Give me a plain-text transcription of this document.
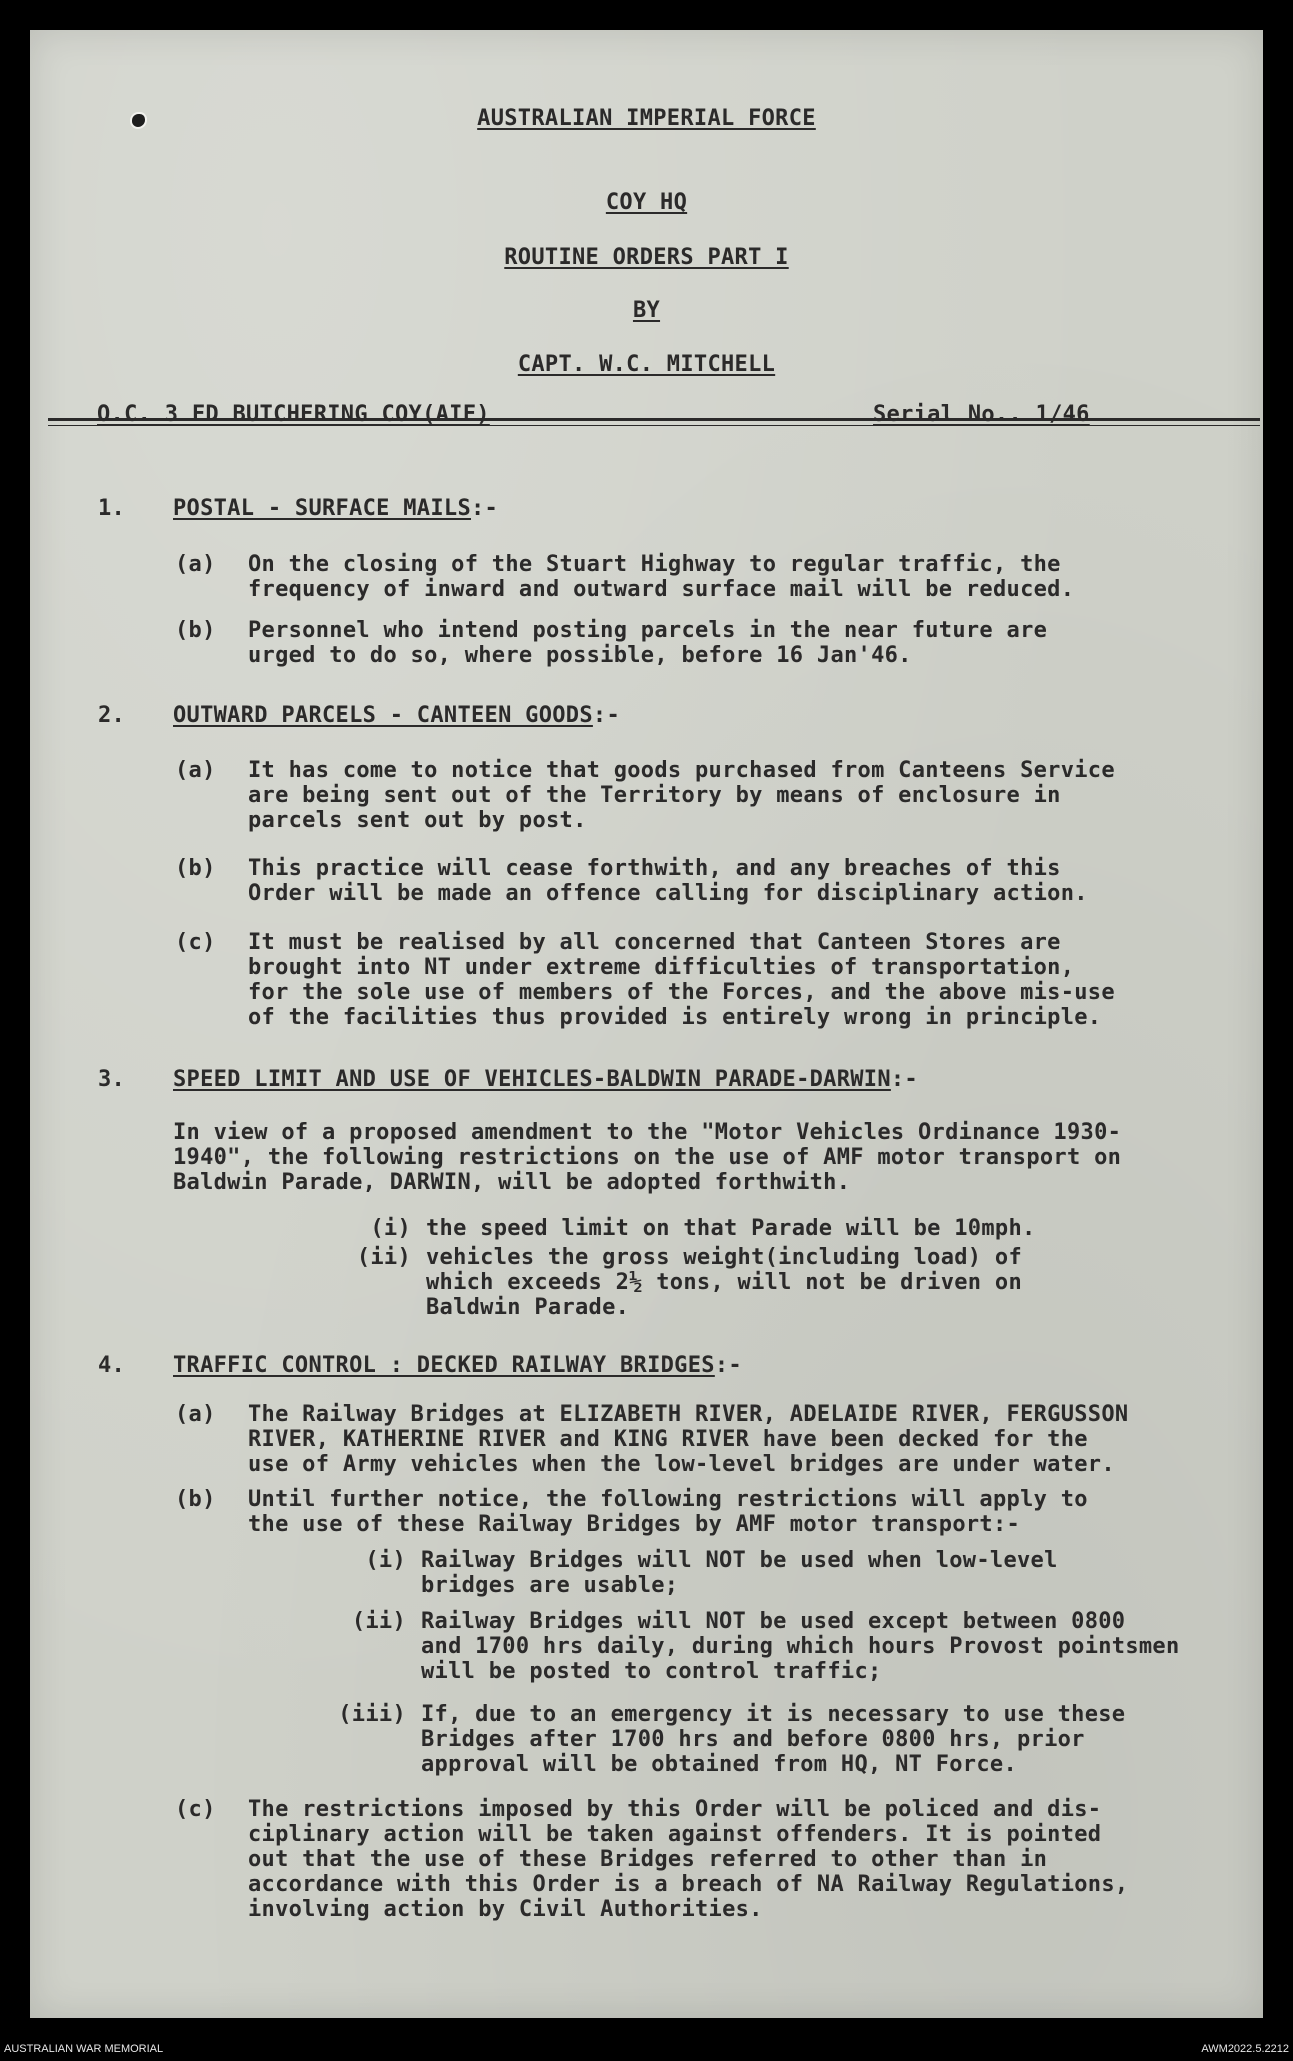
AUSTRALIAN IMPERIAL FORCE
COY HQ
ROUTINE ORDERS PART I
BY
CAPT. W.C. MITCHELL
O.C. 3 FD BUTCHERING COY(AIF)	Serial No.. 1/46
1. POSTAL - SURFACE MAILS:-
(a) On the closing of the Stuart Highway to regular traffic, the
frequency of inward and outward surface mail will be reduced.
(b) Personnel who intend posting parcels in the near future are
urged to do so, where possible, before 16 Jan'46.
2. OUTWARD PARCELS - CANTEEN GOODS:-
(a) It has come to notice that goods purchased from Canteens Service
are being sent out of the Territory by means of enclosure in
parcels sent out by post.
(b) This practice will cease forthwith, and any breaches of this
Order will be made an offence calling for disciplinary action.
(c) It must be realised by all concerned that Canteen Stores are
brought into NT under extreme difficulties of transportation,
for the sole use of members of the Forces, and the above mis-use
of the facilities thus provided is entirely wrong in principle.
3. SPEED LIMIT AND USE OF VEHICLES-BALDWIN PARADE-DARWIN:-
In view of a proposed amendment to the "Motor Vehicles Ordinance 1930-
1940", the following restrictions on the use of AMF motor transport on
Baldwin Parade, DARWIN, will be adopted forthwith.
(i) the speed limit on that Parade will be 10mph.
(ii) vehicles the gross weight(including load) of
which exceeds 2½ tons, will not be driven on
Baldwin Parade.
4. TRAFFIC CONTROL : DECKED RAILWAY BRIDGES:-
(a) The Railway Bridges at ELIZABETH RIVER, ADELAIDE RIVER, FERGUSSON
RIVER, KATHERINE RIVER and KING RIVER have been decked for the
use of Army vehicles when the low-level bridges are under water.
(b) Until further notice, the following restrictions will apply to
the use of these Railway Bridges by AMF motor transport:-
(i) Railway Bridges will NOT be used when low-level
bridges are usable;
(ii) Railway Bridges will NOT be used except between 0800
and 1700 hrs daily, during which hours Provost pointsmen
will be posted to control traffic;
(iii) If, due to an emergency it is necessary to use these
Bridges after 1700 hrs and before 0800 hrs, prior
approval will be obtained from HQ, NT Force.
(c) The restrictions imposed by this Order will be policed and dis-
ciplinary action will be taken against offenders. It is pointed
out that the use of these Bridges referred to other than in
accordance with this Order is a breach of NA Railway Regulations,
involving action by Civil Authorities.
AUSTRALIAN WAR MEMORIAL	AWM2022.5.2212
